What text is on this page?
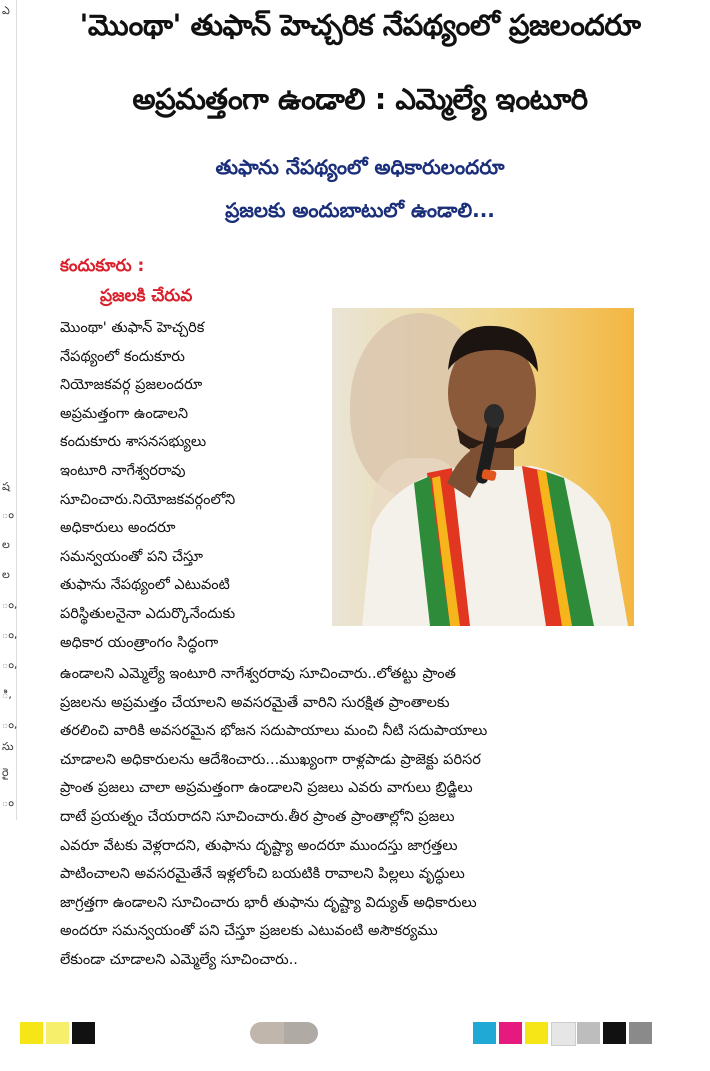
ఎ
ష
ం
ల
ల
ం,
ం,
ం,
ి,
ం,
సు
రై
ం
'మొంథా' తుఫాన్ హెచ్చరిక నేపథ్యంలో ప్రజలందరూ
అప్రమత్తంగా ఉండాలి : ఎమ్మెల్యే ఇంటూరి
తుఫాను నేపథ్యంలో అధికారులందరూ
ప్రజలకు అందుబాటులో ఉండాలి...
కందుకూరు :
ప్రజలకి చేరువ
మొంథా' తుఫాన్ హెచ్చరిక
నేపథ్యంలో కందుకూరు
నియోజకవర్గ ప్రజలందరూ
అప్రమత్తంగా ఉండాలని
కందుకూరు శాసనసభ్యులు
ఇంటూరి నాగేశ్వరరావు
సూచించారు.నియోజకవర్గంలోని
అధికారులు అందరూ
సమన్వయంతో పని చేస్తూ
తుఫాను నేపథ్యంలో ఎటువంటి
పరిస్థితులనైనా ఎదుర్కొనేందుకు
అధికార యంత్రాంగం సిద్ధంగా
ఉండాలని ఎమ్మెల్యే ఇంటూరి నాగేశ్వరరావు సూచించారు..లోతట్టు ప్రాంత
ప్రజలను అప్రమత్తం చేయాలని అవసరమైతే వారిని సురక్షిత ప్రాంతాలకు
తరలించి వారికి అవసరమైన భోజన సదుపాయాలు మంచి నీటి సదుపాయాలు
చూడాలని అధికారులను ఆదేశించారు...ముఖ్యంగా రాళ్లపాడు ప్రాజెక్టు పరిసర
ప్రాంత ప్రజలు చాలా అప్రమత్తంగా ఉండాలని ప్రజలు ఎవరు వాగులు బ్రిడ్జిలు
దాటే ప్రయత్నం చేయరాదని సూచించారు.తీర ప్రాంత ప్రాంతాల్లోని ప్రజలు
ఎవరూ వేటకు వెళ్లరాదని, తుఫాను దృష్ట్యా అందరూ ముందస్తు జాగ్రత్తలు
పాటించాలని అవసరమైతేనే ఇళ్లలోంచి బయటికి రావాలని పిల్లలు వృద్ధులు
జాగ్రత్తగా ఉండాలని సూచించారు భారీ తుఫాను దృష్ట్యా విద్యుత్ అధికారులు
అందరూ సమన్వయంతో పని చేస్తూ ప్రజలకు ఎటువంటి అసౌకర్యము
లేకుండా చూడాలని ఎమ్మెల్యే సూచించారు..
